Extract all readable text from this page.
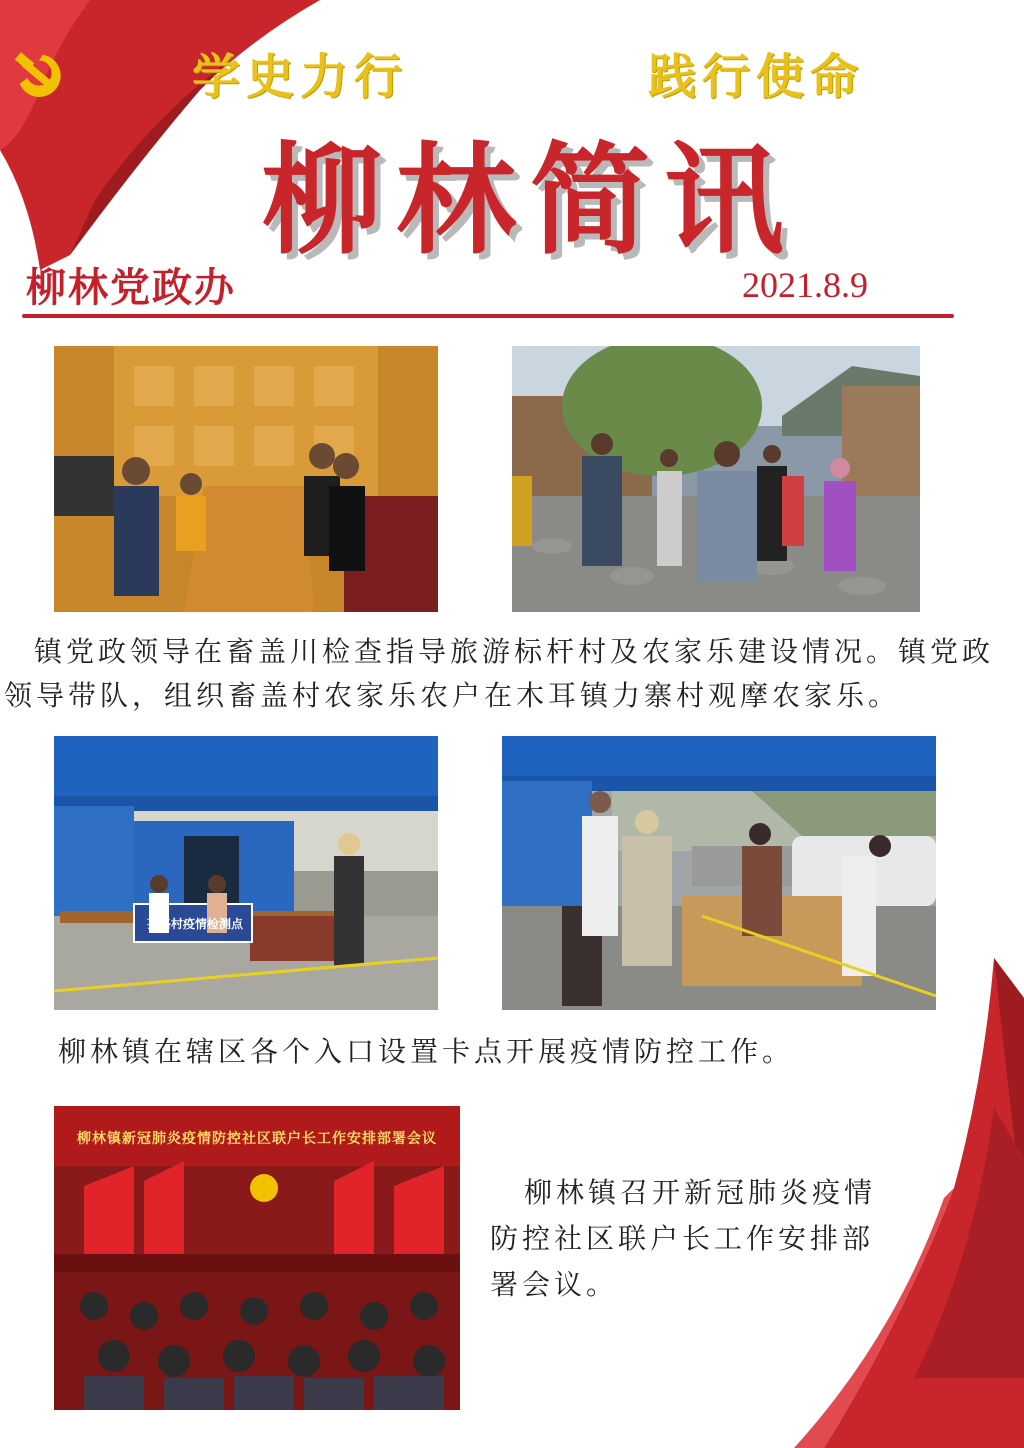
学史力行	践行使命
柳林简讯
柳林党政办	2021.8.9
镇党政领导在畜盖川检查指导旅游标杆村及农家乐建设情况。镇党政领导带队，组织畜盖村农家乐农户在木耳镇力寨村观摩农家乐。
茶路村疫情检测点
柳林镇在辖区各个入口设置卡点开展疫情防控工作。
柳林镇新冠肺炎疫情防控社区联户长工作安排部署会议
柳林镇召开新冠肺炎疫情防控社区联户长工作安排部署会议。
